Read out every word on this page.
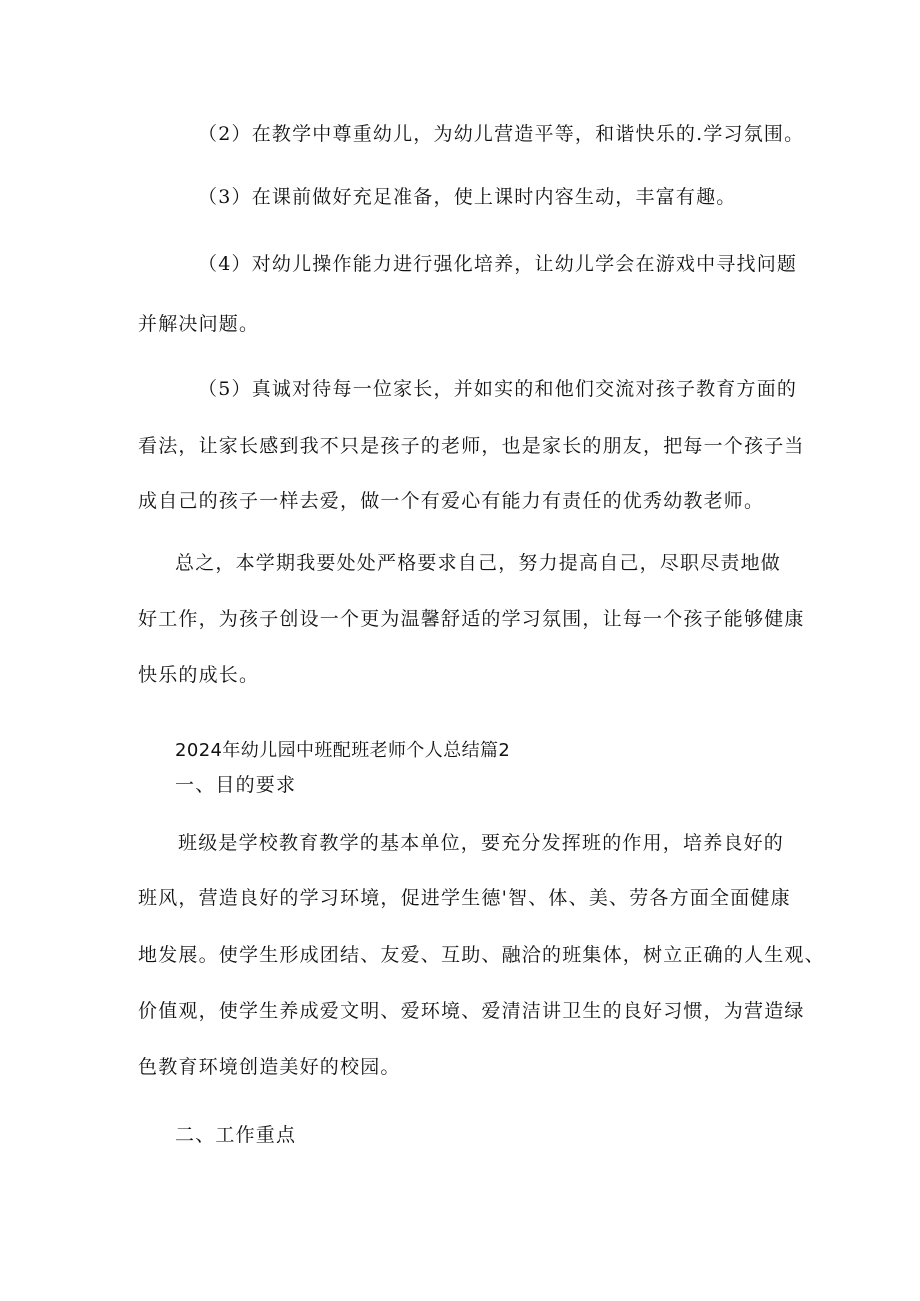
（2）在教学中尊重幼儿，为幼儿营造平等，和谐快乐的.学习氛围。
（3）在课前做好充足准备，使上课时内容生动，丰富有趣。
（4）对幼儿操作能力进行强化培养，让幼儿学会在游戏中寻找问题
并解决问题。
（5）真诚对待每一位家长，并如实的和他们交流对孩子教育方面的
看法，让家长感到我不只是孩子的老师，也是家长的朋友，把每一个孩子当
成自己的孩子一样去爱，做一个有爱心有能力有责任的优秀幼教老师。
总之，本学期我要处处严格要求自己，努力提高自己，尽职尽责地做
好工作，为孩子创设一个更为温馨舒适的学习氛围，让每一个孩子能够健康
快乐的成长。
2024年幼儿园中班配班老师个人总结篇2
一、目的要求
班级是学校教育教学的基本单位，要充分发挥班的作用，培养良好的
班风，营造良好的学习环境，促进学生德'智、体、美、劳各方面全面健康
地发展。使学生形成团结、友爱、互助、融洽的班集体，树立正确的人生观、
价值观，使学生养成爱文明、爱环境、爱清洁讲卫生的良好习惯，为营造绿
色教育环境创造美好的校园。
二、工作重点
